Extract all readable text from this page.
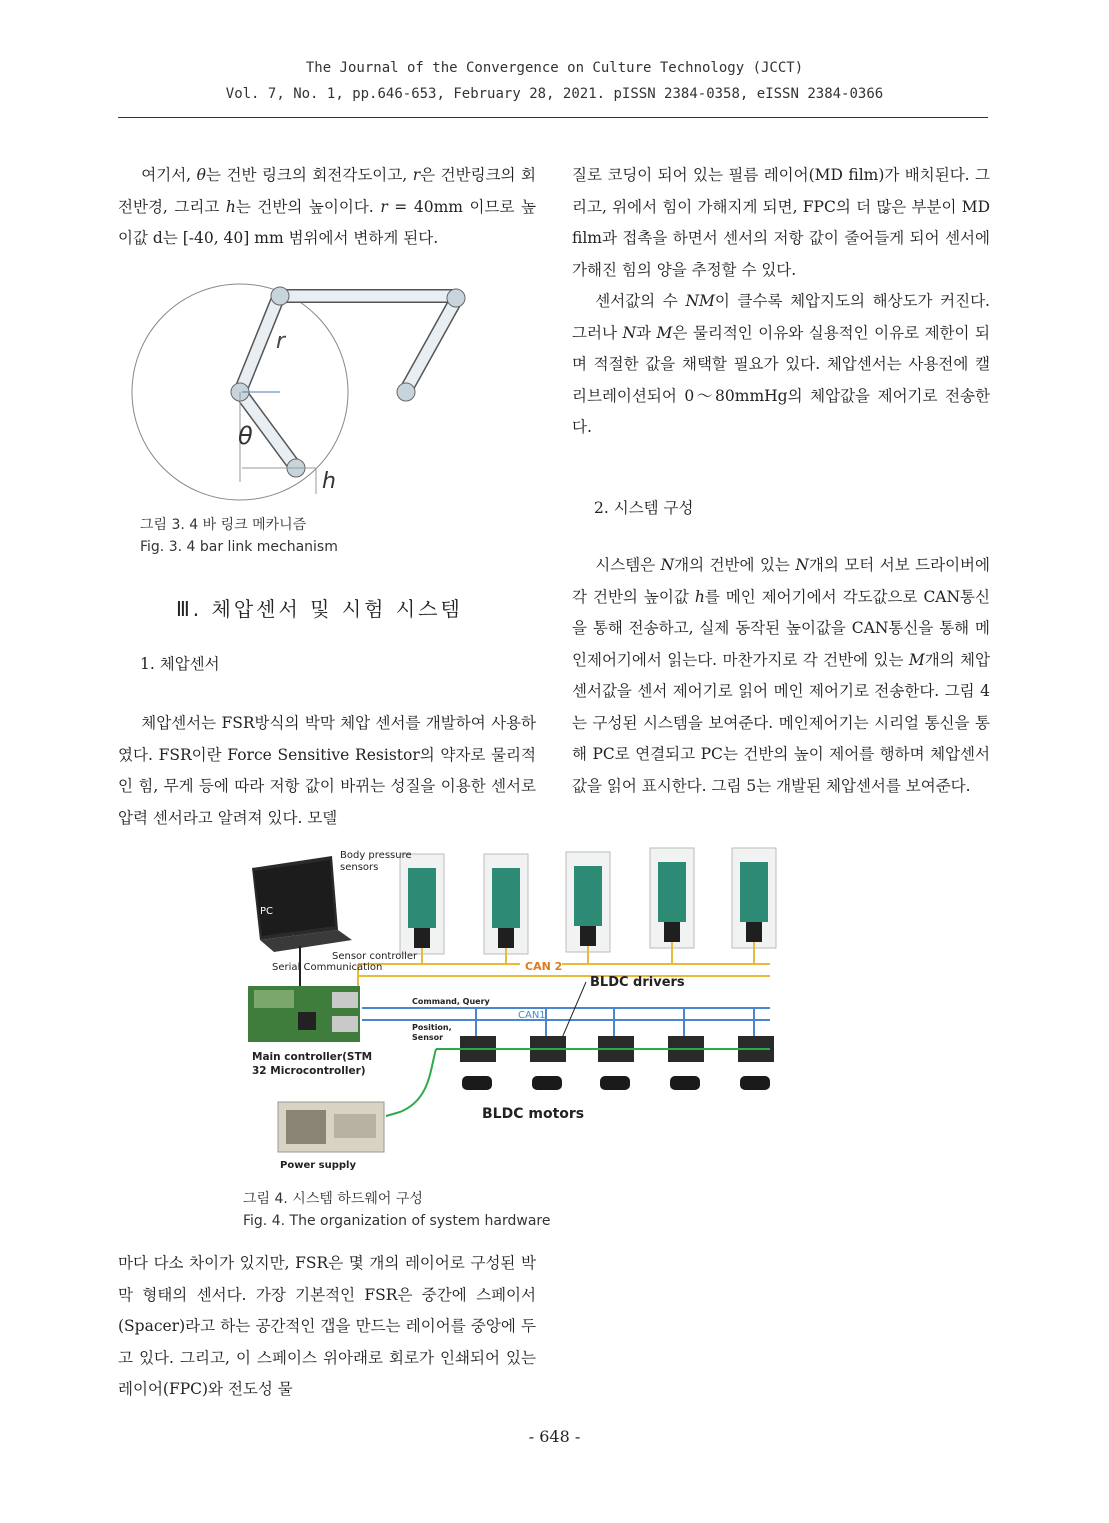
The Journal of the Convergence on Culture Technology (JCCT)
Vol. 7, No. 1, pp.646-653, February 28, 2021. pISSN 2384-0358, eISSN 2384-0366

여기서, θ는 건반 링크의 회전각도이고, r은 건반링크의 회전반경, 그리고 h는 건반의 높이이다. r = 40mm 이므로 높이값 d는 [-40, 40] mm 범위에서 변하게 된다.

r
θ
h
그림 3. 4 바 링크 메카니즘
Fig. 3. 4 bar link mechanism
Ⅲ. 체압센서 및 시험 시스템
1. 체압센서

체압센서는 FSR방식의 박막 체압 센서를 개발하여 사용하였다. FSR이란 Force Sensitive Resistor의 약자로 물리적인 힘, 무게 등에 따라 저항 값이 바뀌는 성질을 이용한 센서로 압력 센서라고 알려져 있다. 모델

질로 코딩이 되어 있는 필름 레이어(MD film)가 배치된다. 그리고, 위에서 힘이 가해지게 되면, FPC의 더 많은 부분이 MD film과 접촉을 하면서 센서의 저항 값이 줄어들게 되어 센서에 가해진 힘의 양을 추정할 수 있다.

센서값의 수 NM이 클수록 체압지도의 해상도가 커진다. 그러나 N과 M은 물리적인 이유와 실용적인 이유로 제한이 되며 적절한 값을 채택할 필요가 있다. 체압센서는 사용전에 캘리브레이션되어 0～80mmHg의 체압값을 제어기로 전송한다.

2. 시스템 구성

시스템은 N개의 건반에 있는 N개의 모터 서보 드라이버에 각 건반의 높이값 h를 메인 제어기에서 각도값으로 CAN통신을 통해 전송하고, 실제 동작된 높이값을 CAN통신을 통해 메인제어기에서 읽는다. 마찬가지로 각 건반에 있는 M개의 체압센서값을 센서 제어기로 읽어 메인 제어기로 전송한다. 그림 4는 구성된 시스템을 보여준다. 메인제어기는 시리얼 통신을 통해 PC로 연결되고 PC는 건반의 높이 제어를 행하며 체압센서값을 읽어 표시한다. 그림 5는 개발된 체압센서를 보여준다.

PC
Body pressure
sensors
Sensor controller
Serial Communication	CAN 2
Main controller(STM
32 Microcontroller)
Command, Query
Position,
Sensor
CAN1
BLDC drivers
BLDC motors
Power supply
그림 4. 시스템 하드웨어 구성
Fig. 4. The organization of system hardware

마다 다소 차이가 있지만, FSR은 몇 개의 레이어로 구성된 박막 형태의 센서다. 가장 기본적인 FSR은 중간에 스페이서(Spacer)라고 하는 공간적인 갭을 만드는 레이어를 중앙에 두고 있다. 그리고, 이 스페이스 위아래로 회로가 인쇄되어 있는 레이어(FPC)와 전도성 물

- 648 -
